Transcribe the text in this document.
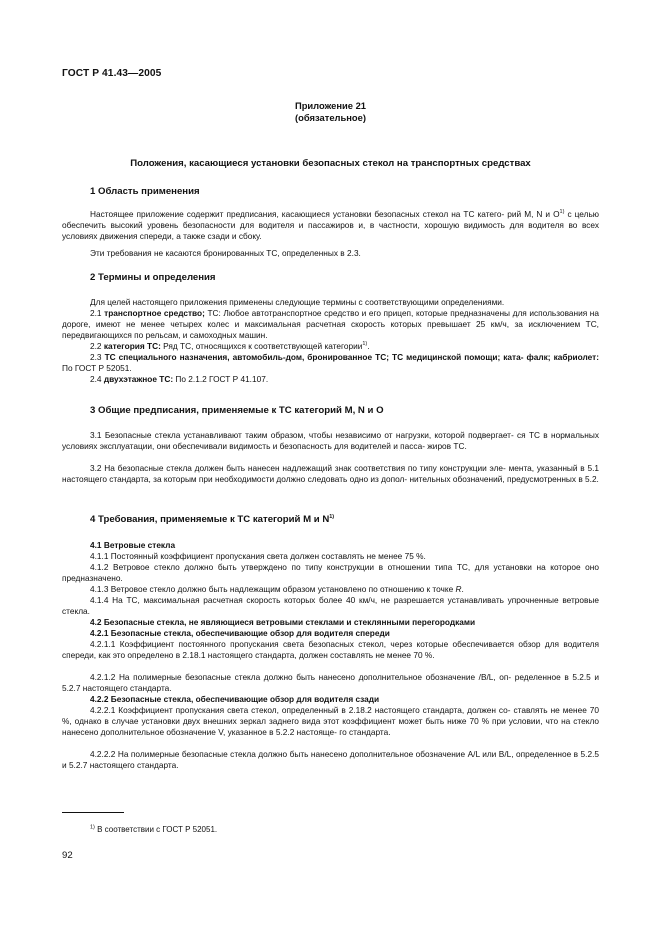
ГОСТ Р 41.43—2005
Приложение 21
(обязательное)
Положения, касающиеся установки безопасных стекол на транспортных средствах
1 Область применения
Настоящее приложение содержит предписания, касающиеся установки безопасных стекол на ТС катего- рий М, N и $O^{1)}$ с целью обеспечить высокий уровень безопасности для водителя и пассажиров и, в частности, хорошую видимость для водителя во всех условиях движения спереди, а также сзади и сбоку.
Эти требования не касаются бронированных ТС, определенных в 2.3.
2 Термины и определения
Для целей настоящего приложения применены следующие термины с соответствующими определениями.
2.1 транспортное средство; ТС: Любое автотранспортное средство и его прицеп, которые предназначены для использования на дороге, имеют не менее четырех колес и максимальная расчетная скорость которых превышает 25 км/ч, за исключением ТС, передвигающихся по рельсам, и самоходных машин.
2.2 категория ТС: Ряд ТС, относящихся к соответствующей категории$^{1)}$.
2.3 ТС специального назначения, автомобиль-дом, бронированное ТС; ТС медицинской помощи; ката- фалк; кабриолет: По ГОСТ Р 52051.
2.4 двухэтажное ТС: По 2.1.2 ГОСТ Р 41.107.
3 Общие предписания, применяемые к ТС категорий М, N и О
3.1 Безопасные стекла устанавливают таким образом, чтобы независимо от нагрузки, которой подвергает- ся ТС в нормальных условиях эксплуатации, они обеспечивали видимость и безопасность для водителей и пасса- жиров ТС.
3.2 На безопасные стекла должен быть нанесен надлежащий знак соответствия по типу конструкции эле- мента, указанный в 5.1 настоящего стандарта, за которым при необходимости должно следовать одно из допол- нительных обозначений, предусмотренных в 5.2.
4 Требования, применяемые к ТС категорий М и $N^{1)}$
4.1 Ветровые стекла
4.1.1 Постоянный коэффициент пропускания света должен составлять не менее 75 %.
4.1.2 Ветровое стекло должно быть утверждено по типу конструкции в отношении типа ТС, для установки на которое оно предназначено.
4.1.3 Ветровое стекло должно быть надлежащим образом установлено по отношению к точке R.
4.1.4 На ТС, максимальная расчетная скорость которых более 40 км/ч, не разрешается устанавливать упрочненные ветровые стекла.
4.2 Безопасные стекла, не являющиеся ветровыми стеклами и стеклянными перегородками
4.2.1 Безопасные стекла, обеспечивающие обзор для водителя спереди
4.2.1.1 Коэффициент постоянного пропускания света безопасных стекол, через которые обеспечивается обзор для водителя спереди, как это определено в 2.18.1 настоящего стандарта, должен составлять не менее 70 %.
4.2.1.2 На полимерные безопасные стекла должно быть нанесено дополнительное обозначение /B/L, оп- ределенное в 5.2.5 и 5.2.7 настоящего стандарта.
4.2.2 Безопасные стекла, обеспечивающие обзор для водителя сзади
4.2.2.1 Коэффициент пропускания света стекол, определенный в 2.18.2 настоящего стандарта, должен со- ставлять не менее 70 %, однако в случае установки двух внешних зеркал заднего вида этот коэффициент может быть ниже 70 % при условии, что на стекло нанесено дополнительное обозначение V, указанное в 5.2.2 настояще- го стандарта.
4.2.2.2 На полимерные безопасные стекла должно быть нанесено дополнительное обозначение A/L или B/L, определенное в 5.2.5 и 5.2.7 настоящего стандарта.
$^{1)}$ В соответствии с ГОСТ Р 52051.
92
